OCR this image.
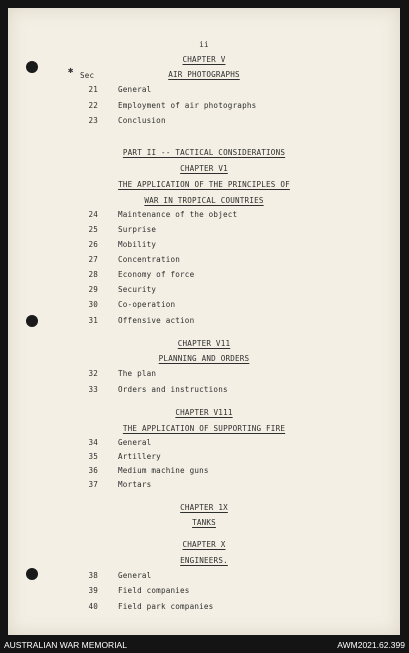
✱
ii
CHAPTER V
AIR PHOTOGRAPHS
Sec
21	General
22	Employment of air photographs
23	Conclusion
PART II -- TACTICAL CONSIDERATIONS
CHAPTER V1
THE APPLICATION OF THE PRINCIPLES OF
WAR IN TROPICAL COUNTRIES
24	Maintenance of the object
25	Surprise
26	Mobility
27	Concentration
28	Economy of force
29	Security
30	Co-operation
31	Offensive action
CHAPTER V11
PLANNING AND ORDERS
32	The plan
33	Orders and instructions
CHAPTER V111
THE APPLICATION OF SUPPORTING FIRE
34	General
35	Artillery
36	Medium machine guns
37	Mortars
CHAPTER 1X
TANKS
CHAPTER X
ENGINEERS.
38	General
39	Field companies
40	Field park companies
AUSTRALIAN WAR MEMORIAL	AWM2021.62.399
